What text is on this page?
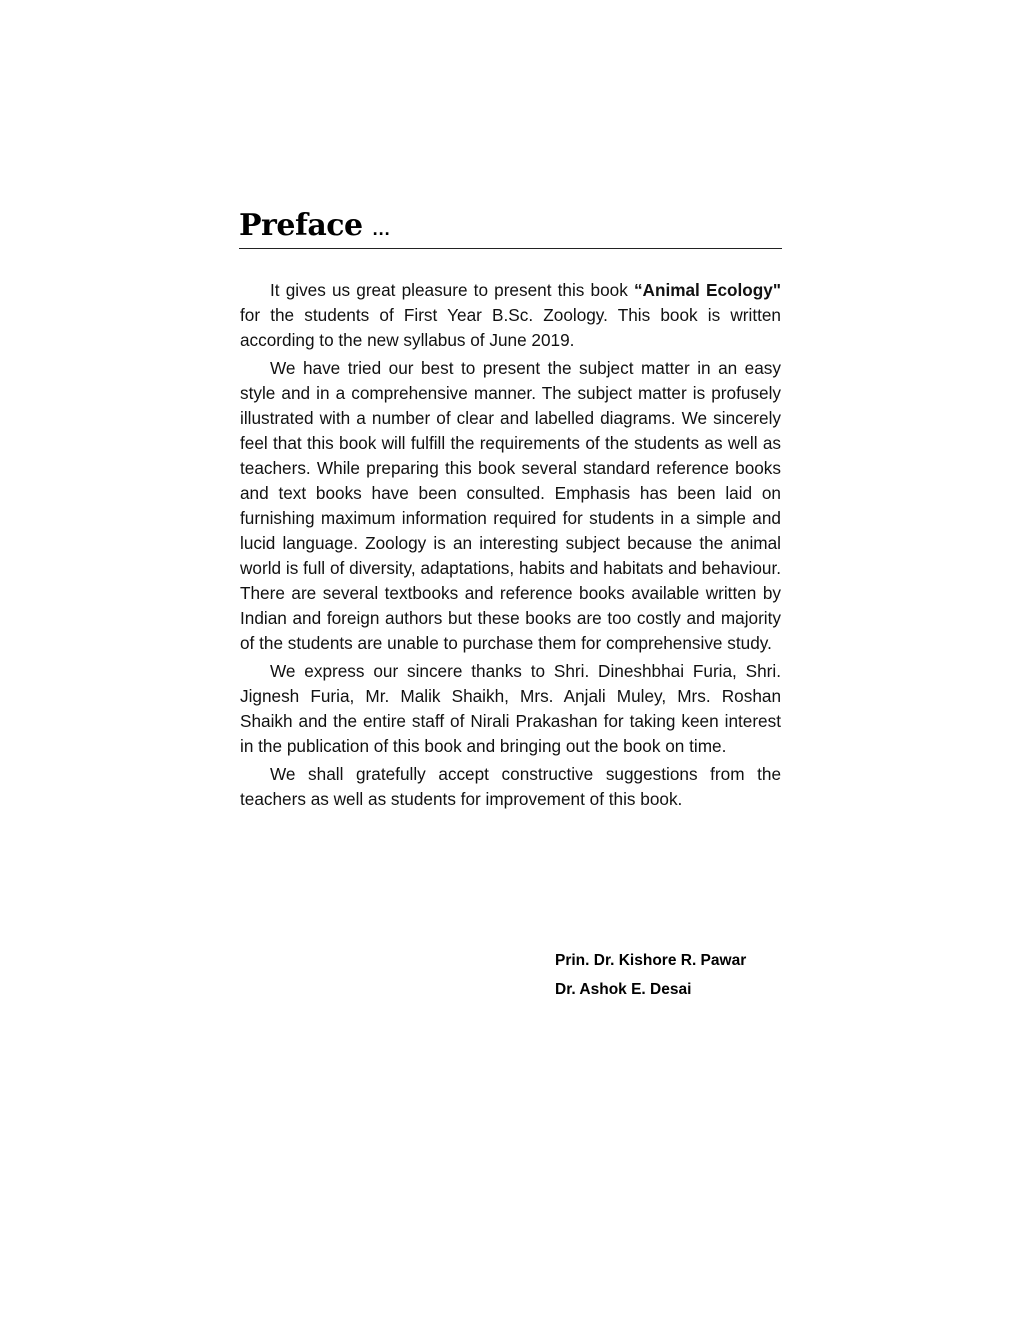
Preface ...

It gives us great pleasure to present this book “Animal Ecology" for the students of First Year B.Sc. Zoology. This book is written according to the new syllabus of June 2019.

We have tried our best to present the subject matter in an easy style and in a comprehensive manner. The subject matter is profusely illustrated with a number of clear and labelled diagrams. We sincerely feel that this book will fulfill the requirements of the students as well as teachers. While preparing this book several standard reference books and text books have been consulted. Emphasis has been laid on furnishing maximum information required for students in a simple and lucid language. Zoology is an interesting subject because the animal world is full of diversity, adaptations, habits and habitats and behaviour. There are several textbooks and reference books available written by Indian and foreign authors but these books are too costly and majority of the students are unable to purchase them for comprehensive study.

We express our sincere thanks to Shri. Dineshbhai Furia, Shri. Jignesh Furia, Mr. Malik Shaikh, Mrs. Anjali Muley, Mrs. Roshan Shaikh and the entire staff of Nirali Prakashan for taking keen interest in the publication of this book and bringing out the book on time.

We shall gratefully accept constructive suggestions from the teachers as well as students for improvement of this book.

Prin. Dr. Kishore R. Pawar
Dr. Ashok E. Desai
